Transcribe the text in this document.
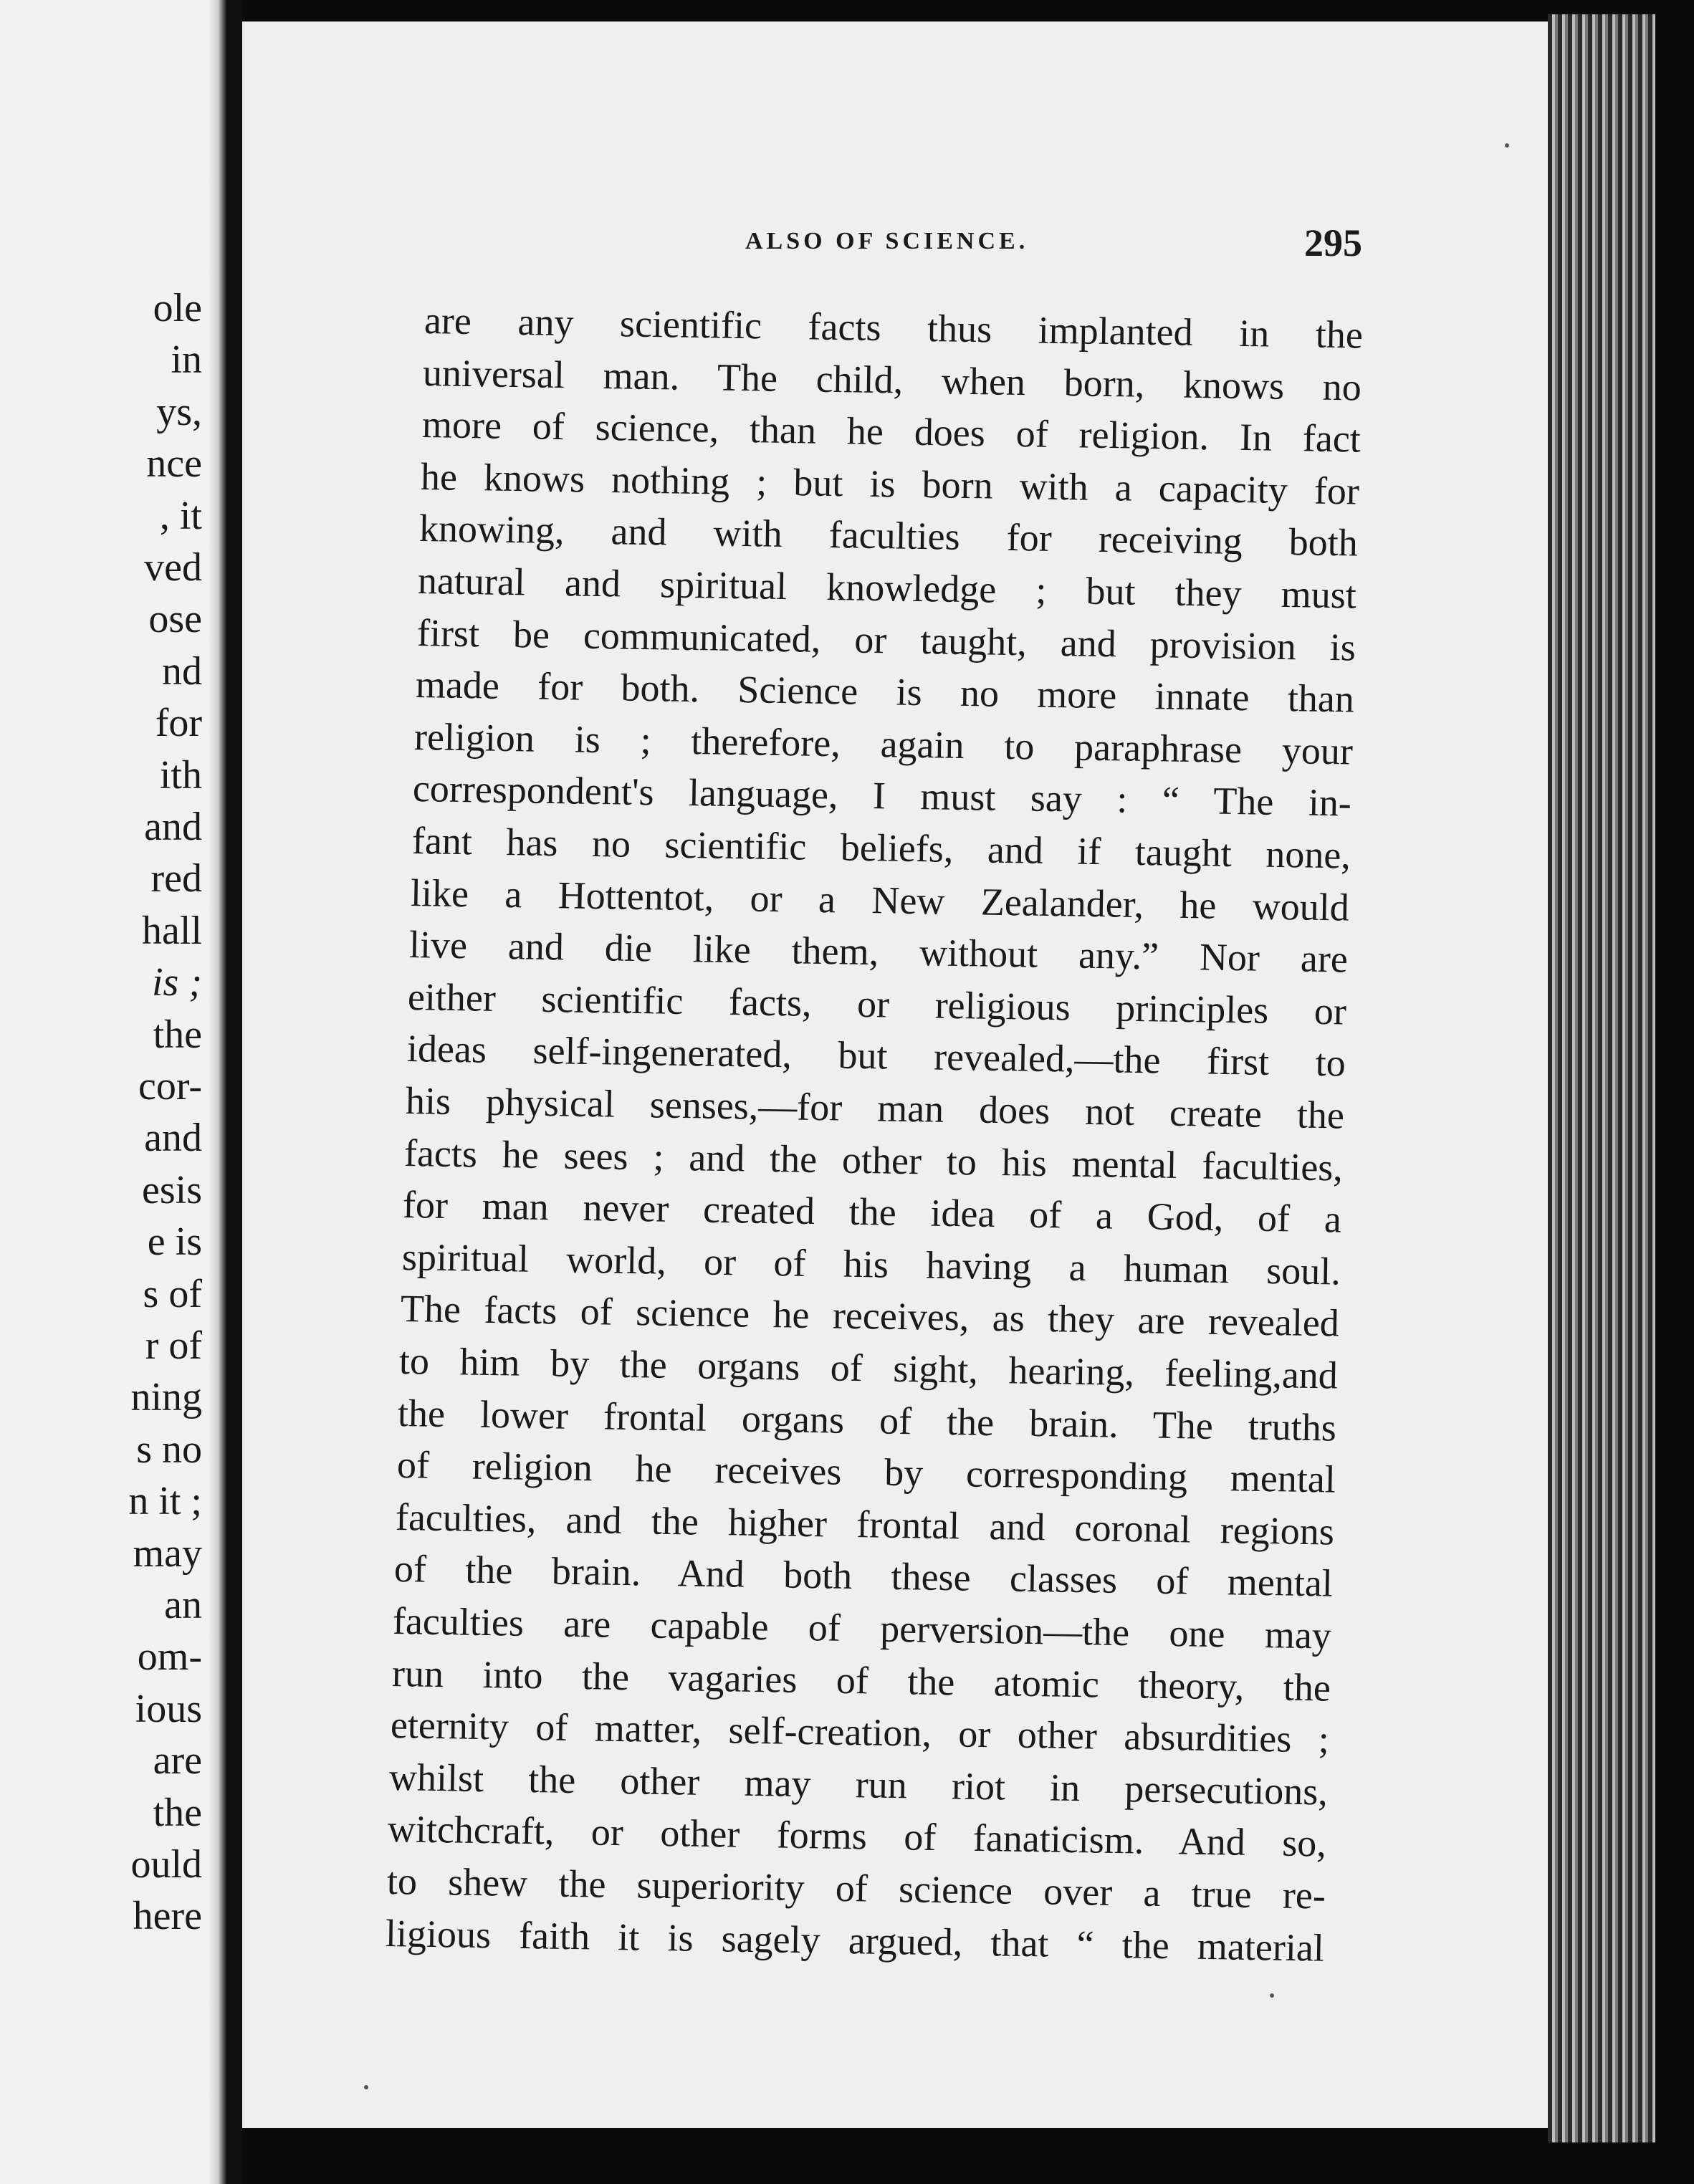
ole
in
ys,
nce
, it
ved
ose
nd
for
ith
and
red
hall
is ;
the
cor-
and
esis
e is
s of
r of
ning
s no
n it ;
may
an
om-
ious
are
the
ould
here
ALSO OF SCIENCE.	295
are any scientific facts thus implanted in the
universal man. The child, when born, knows no
more of science, than he does of religion. In fact
he knows nothing ; but is born with a capacity for
knowing, and with faculties for receiving both
natural and spiritual knowledge ; but they must
first be communicated, or taught, and provision is
made for both. Science is no more innate than
religion is ; therefore, again to paraphrase your
correspondent's language, I must say : “ The in-
fant has no scientific beliefs, and if taught none,
like a Hottentot, or a New Zealander, he would
live and die like them, without any.” Nor are
either scientific facts, or religious principles or
ideas self-ingenerated, but revealed,—the first to
his physical senses,—for man does not create the
facts he sees ; and the other to his mental faculties,
for man never created the idea of a God, of a
spiritual world, or of his having a human soul.
The facts of science he receives, as they are revealed
to him by the organs of sight, hearing, feeling,and
the lower frontal organs of the brain. The truths
of religion he receives by corresponding mental
faculties, and the higher frontal and coronal regions
of the brain. And both these classes of mental
faculties are capable of perversion—the one may
run into the vagaries of the atomic theory, the
eternity of matter, self-creation, or other absurdities ;
whilst the other may run riot in persecutions,
witchcraft, or other forms of fanaticism. And so,
to shew the superiority of science over a true re-
ligious faith it is sagely argued, that “ the material
